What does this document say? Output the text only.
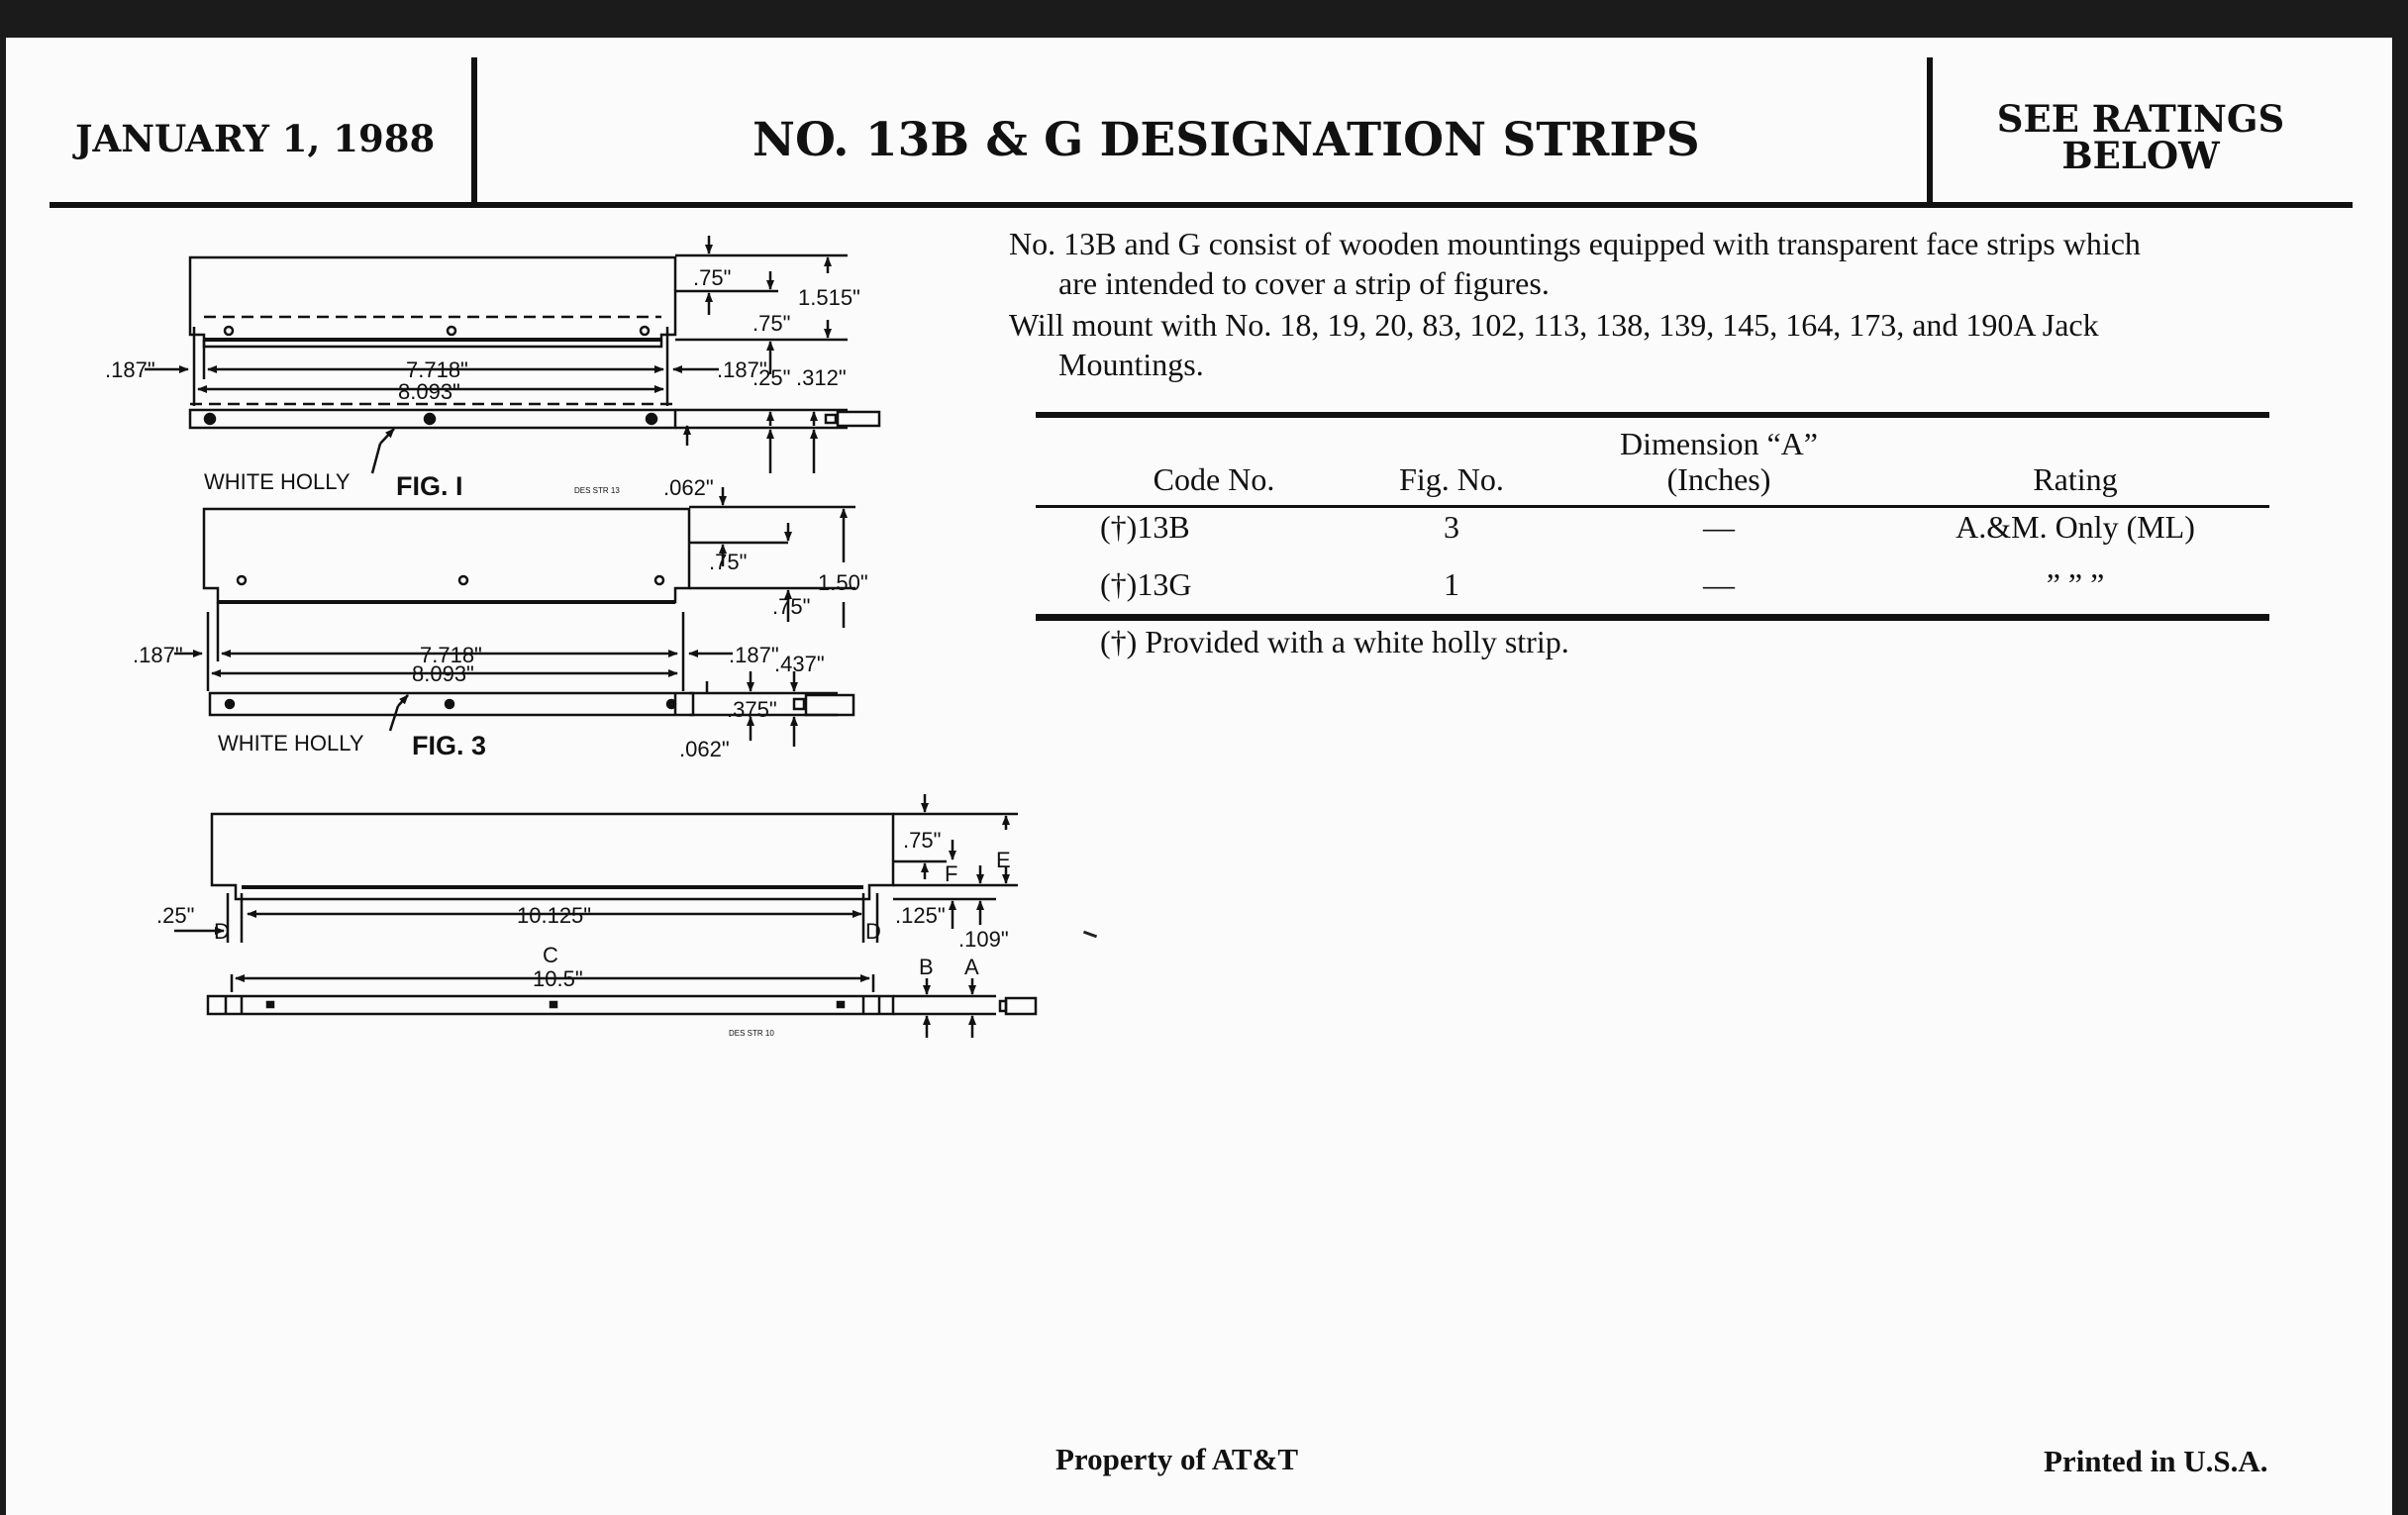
JANUARY 1, 1988	NO. 13B & G DESIGNATION STRIPS	SEE RATINGS
BELOW
No. 13B and G consist of wooden mountings equipped with transparent face strips which
are intended to cover a strip of figures.
Will mount with No. 18, 19, 20, 83, 102, 113, 138, 139, 145, 164, 173, and 190A Jack
Mountings.
Dimension “A”
Code No.	Fig. No.	(Inches)	Rating
(†)13B	3	—	A.&M. Only (ML)
(†)13G	1	—	” ” ”
(†) Provided with a white holly strip.
.75"
.75"
1.515"
.187"	7.718"
8.093"
.187"
.25" .312"
.062"
WHITE HOLLY FIG. I	DES STR 13
.75"
.75"
1.50"
.187"	7.718"
8.093"
.187"
.437"
.375"
.062"
WHITE HOLLY FIG. 3
.75"
F
E
.25"
D
10.125"
D
.125"
.109"
C
10.5"	B A
DES STR 10
Property of AT&T	Printed in U.S.A.
